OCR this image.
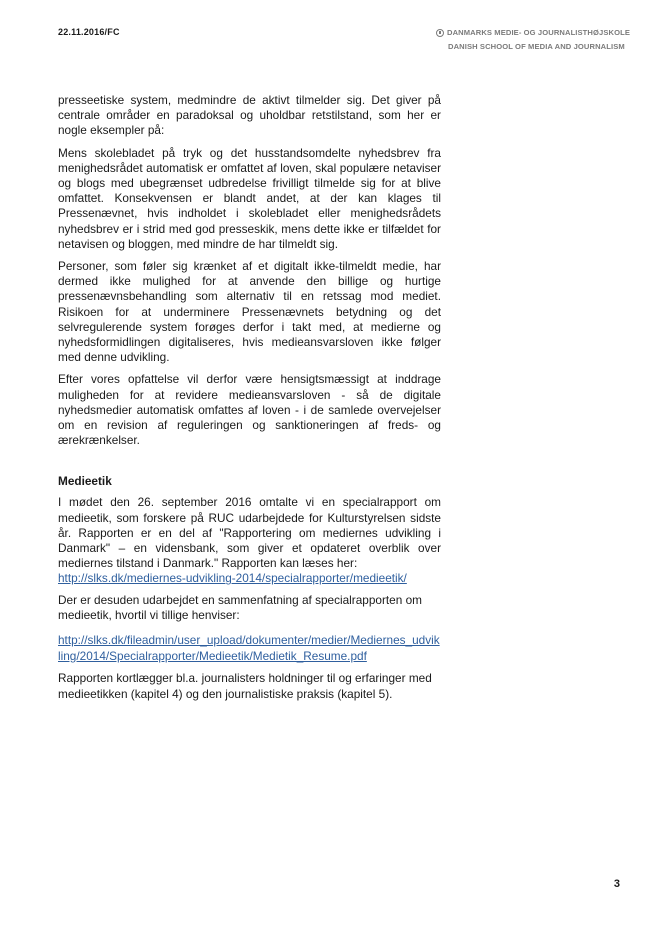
22.11.2016/FC	DANMARKS MEDIE- OG JOURNALISTHØJSKOLE
DANISH SCHOOL OF MEDIA AND JOURNALISM

presseetiske system, medmindre de aktivt tilmelder sig. Det giver på centrale områder en paradoksal og uholdbar retstilstand, som her er nogle eksempler på:

Mens skolebladet på tryk og det husstandsomdelte nyhedsbrev fra menighedsrådet automatisk er omfattet af loven, skal populære netaviser og blogs med ubegrænset udbredelse frivilligt tilmelde sig for at blive omfattet. Konsekvensen er blandt andet, at der kan klages til Pressenævnet, hvis indholdet i skolebladet eller menighedsrådets nyhedsbrev er i strid med god presseskik, mens dette ikke er tilfældet for netavisen og bloggen, med mindre de har tilmeldt sig.

Personer, som føler sig krænket af et digitalt ikke-tilmeldt medie, har dermed ikke mulighed for at anvende den billige og hurtige pressenævnsbehandling som alternativ til en retssag mod mediet. Risikoen for at underminere Pressenævnets betydning og det selvregulerende system forøges derfor i takt med, at medierne og nyhedsformidlingen digitaliseres, hvis medieansvarsloven ikke følger med denne udvikling.

Efter vores opfattelse vil derfor være hensigtsmæssigt at inddrage muligheden for at revidere medieansvarsloven - så de digitale nyhedsmedier automatisk omfattes af loven - i de samlede overvejelser om en revision af reguleringen og sanktioneringen af freds- og ærekrænkelser.

Medieetik

I mødet den 26. september 2016 omtalte vi en specialrapport om medieetik, som forskere på RUC udarbejdede for Kulturstyrelsen sidste år. Rapporten er en del af "Rapportering om mediernes udvikling i Danmark" – en vidensbank, som giver et opdateret overblik over mediernes tilstand i Danmark." Rapporten kan læses her:

http://slks.dk/mediernes-udvikling-2014/specialrapporter/medieetik/

Der er desuden udarbejdet en sammenfatning af specialrapporten om medieetik, hvortil vi tillige henviser:

http://slks.dk/fileadmin/user_upload/dokumenter/medier/Mediernes_udvikling/2014/Specialrapporter/Medieetik/Medietik_Resume.pdf

Rapporten kortlægger bl.a. journalisters holdninger til og erfaringer med medieetikken (kapitel 4) og den journalistiske praksis (kapitel 5).

3
